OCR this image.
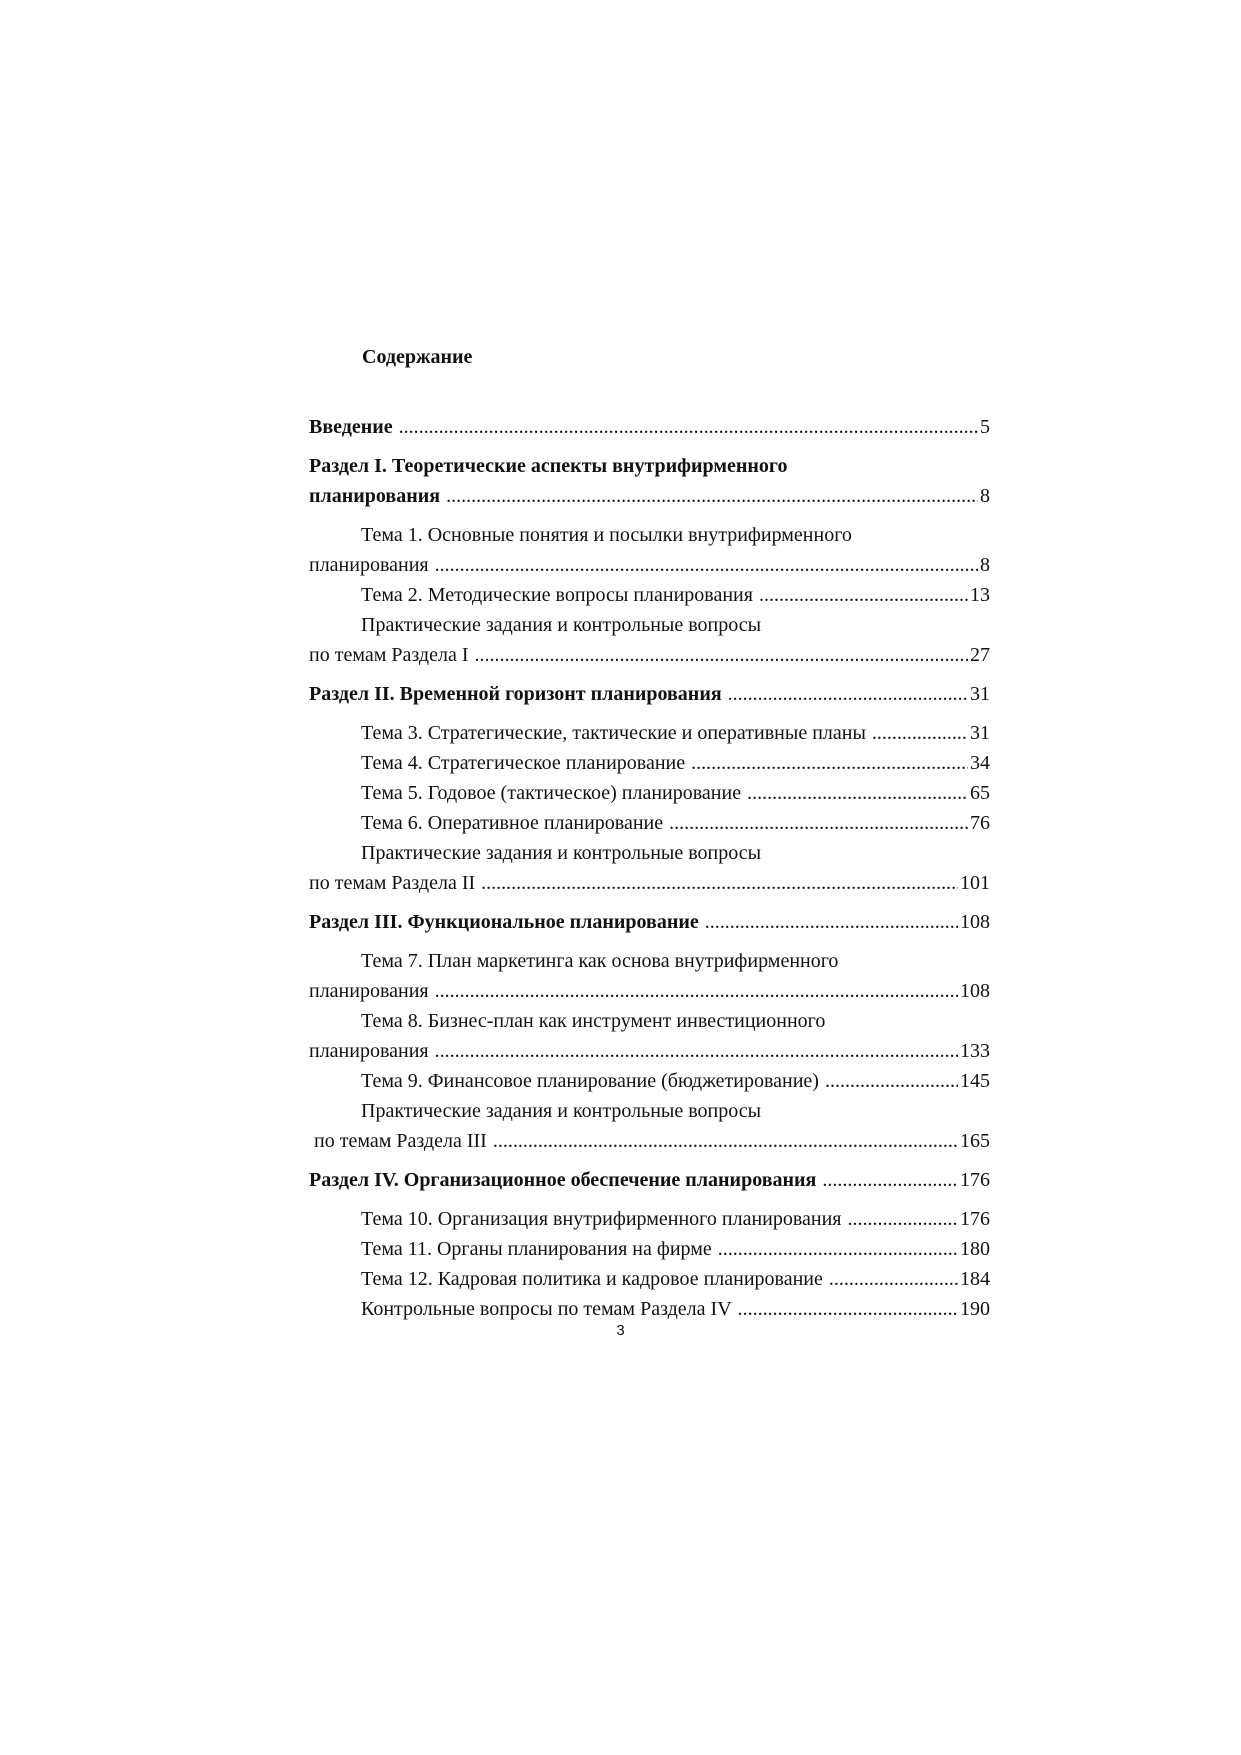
Содержание
Введение .....	5
Раздел I. Теоретические аспекты внутрифирменного
планирования .....	8
Тема 1. Основные понятия и посылки внутрифирменного
планирования .....	8
Тема 2. Методические вопросы планирования .....	13
Практические задания и контрольные вопросы
по темам Раздела I .....	27
Раздел II. Временной горизонт планирования .....	31
Тема 3. Стратегические, тактические и оперативные планы .....	31
Тема 4. Стратегическое планирование .....	34
Тема 5. Годовое (тактическое) планирование .....	65
Тема 6. Оперативное планирование .....	76
Практические задания и контрольные вопросы
по темам Раздела II .....	101
Раздел III. Функциональное планирование .....	108
Тема 7. План маркетинга как основа внутрифирменного
планирования .....	108
Тема 8. Бизнес-план как инструмент инвестиционного
планирования .....	133
Тема 9. Финансовое планирование (бюджетирование) .....	145
Практические задания и контрольные вопросы
по темам Раздела III .....	165
Раздел IV. Организационное обеспечение планирования .....	176
Тема 10. Организация внутрифирменного планирования .....	176
Тема 11. Органы планирования на фирме .....	180
Тема 12. Кадровая политика и кадровое планирование .....	184
Контрольные вопросы по темам Раздела IV .....	190
3
